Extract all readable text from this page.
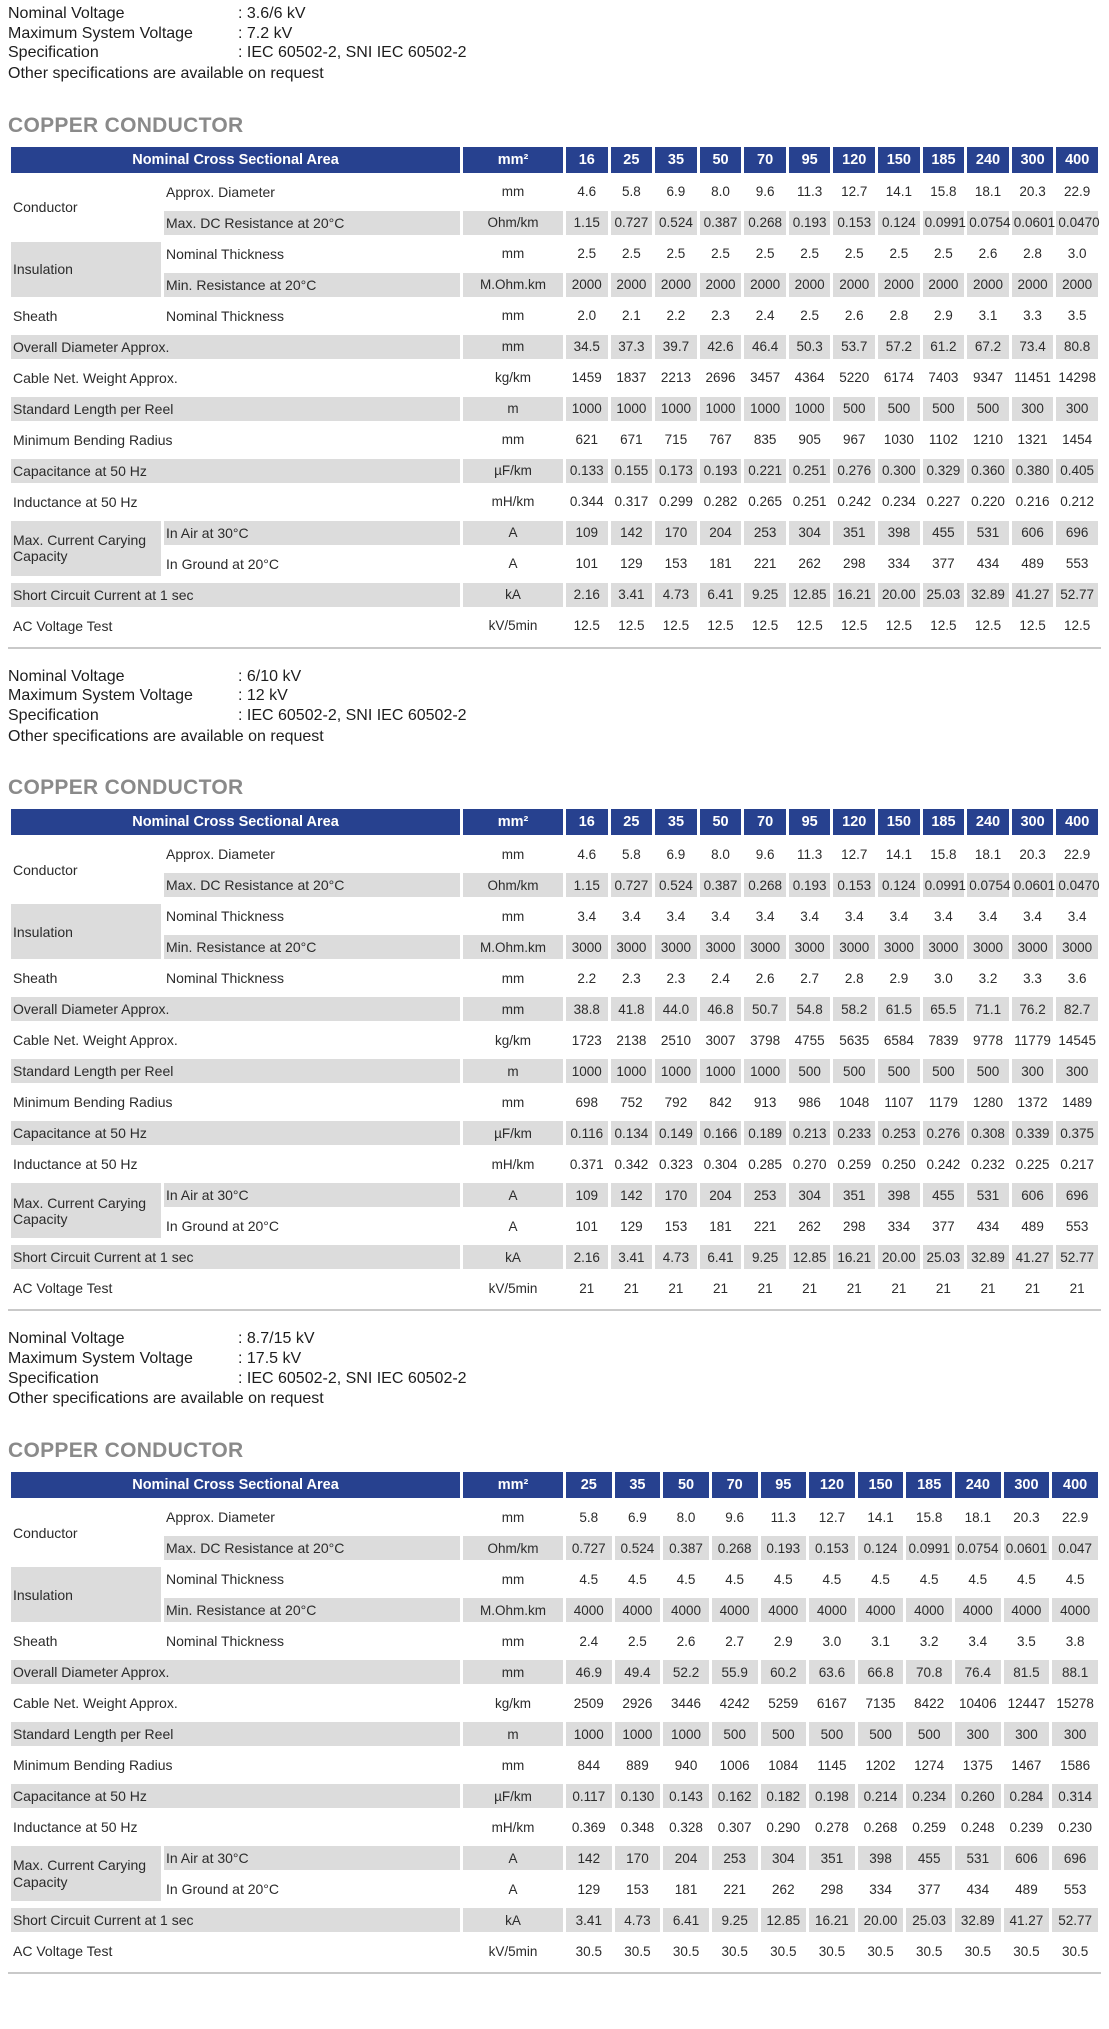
Nominal Voltage	: 3.6/6 kV
Maximum System Voltage	: 7.2 kV
Specification	: IEC 60502-2, SNI IEC 60502-2
Other specifications are available on request
COPPER CONDUCTOR
Nominal Cross Sectional Area		mm²	16	25	35	50	70	95	120	150	185	240	300	400
Conductor	Approx. Diameter	mm	4.6	5.8	6.9	8.0	9.6	11.3	12.7	14.1	15.8	18.1	20.3	22.9
	Max. DC Resistance at 20°C	Ohm/km	1.15	0.727	0.524	0.387	0.268	0.193	0.153	0.124	0.0991	0.0754	0.0601	0.0470
Insulation	Nominal Thickness	mm	2.5	2.5	2.5	2.5	2.5	2.5	2.5	2.5	2.5	2.6	2.8	3.0
	Min. Resistance at 20°C	M.Ohm.km	2000	2000	2000	2000	2000	2000	2000	2000	2000	2000	2000	2000
Sheath	Nominal Thickness	mm	2.0	2.1	2.2	2.3	2.4	2.5	2.6	2.8	2.9	3.1	3.3	3.5
Overall Diameter Approx.		mm	34.5	37.3	39.7	42.6	46.4	50.3	53.7	57.2	61.2	67.2	73.4	80.8
Cable Net. Weight Approx.		kg/km	1459	1837	2213	2696	3457	4364	5220	6174	7403	9347	11451	14298
Standard Length per Reel		m	1000	1000	1000	1000	1000	1000	500	500	500	500	300	300
Minimum Bending Radius		mm	621	671	715	767	835	905	967	1030	1102	1210	1321	1454
Capacitance at 50 Hz		µF/km	0.133	0.155	0.173	0.193	0.221	0.251	0.276	0.300	0.329	0.360	0.380	0.405
Inductance at 50 Hz		mH/km	0.344	0.317	0.299	0.282	0.265	0.251	0.242	0.234	0.227	0.220	0.216	0.212
Max. Current Carying Capacity	In Air at 30°C	A	109	142	170	204	253	304	351	398	455	531	606	696
	In Ground at 20°C	A	101	129	153	181	221	262	298	334	377	434	489	553
Short Circuit Current at 1 sec		kA	2.16	3.41	4.73	6.41	9.25	12.85	16.21	20.00	25.03	32.89	41.27	52.77
AC Voltage Test		kV/5min	12.5	12.5	12.5	12.5	12.5	12.5	12.5	12.5	12.5	12.5	12.5	12.5
Nominal Voltage	: 6/10 kV
Maximum System Voltage	: 12 kV
Specification	: IEC 60502-2, SNI IEC 60502-2
Other specifications are available on request
COPPER CONDUCTOR
Nominal Cross Sectional Area		mm²	16	25	35	50	70	95	120	150	185	240	300	400
Conductor	Approx. Diameter	mm	4.6	5.8	6.9	8.0	9.6	11.3	12.7	14.1	15.8	18.1	20.3	22.9
	Max. DC Resistance at 20°C	Ohm/km	1.15	0.727	0.524	0.387	0.268	0.193	0.153	0.124	0.0991	0.0754	0.0601	0.0470
Insulation	Nominal Thickness	mm	3.4	3.4	3.4	3.4	3.4	3.4	3.4	3.4	3.4	3.4	3.4	3.4
	Min. Resistance at 20°C	M.Ohm.km	3000	3000	3000	3000	3000	3000	3000	3000	3000	3000	3000	3000
Sheath	Nominal Thickness	mm	2.2	2.3	2.3	2.4	2.6	2.7	2.8	2.9	3.0	3.2	3.3	3.6
Overall Diameter Approx.		mm	38.8	41.8	44.0	46.8	50.7	54.8	58.2	61.5	65.5	71.1	76.2	82.7
Cable Net. Weight Approx.		kg/km	1723	2138	2510	3007	3798	4755	5635	6584	7839	9778	11779	14545
Standard Length per Reel		m	1000	1000	1000	1000	1000	500	500	500	500	500	300	300
Minimum Bending Radius		mm	698	752	792	842	913	986	1048	1107	1179	1280	1372	1489
Capacitance at 50 Hz		µF/km	0.116	0.134	0.149	0.166	0.189	0.213	0.233	0.253	0.276	0.308	0.339	0.375
Inductance at 50 Hz		mH/km	0.371	0.342	0.323	0.304	0.285	0.270	0.259	0.250	0.242	0.232	0.225	0.217
Max. Current Carying Capacity	In Air at 30°C	A	109	142	170	204	253	304	351	398	455	531	606	696
	In Ground at 20°C	A	101	129	153	181	221	262	298	334	377	434	489	553
Short Circuit Current at 1 sec		kA	2.16	3.41	4.73	6.41	9.25	12.85	16.21	20.00	25.03	32.89	41.27	52.77
AC Voltage Test		kV/5min	21	21	21	21	21	21	21	21	21	21	21	21
Nominal Voltage	: 8.7/15 kV
Maximum System Voltage	: 17.5 kV
Specification	: IEC 60502-2, SNI IEC 60502-2
Other specifications are available on request
COPPER CONDUCTOR
Nominal Cross Sectional Area		mm²	25	35	50	70	95	120	150	185	240	300	400
Conductor	Approx. Diameter	mm	5.8	6.9	8.0	9.6	11.3	12.7	14.1	15.8	18.1	20.3	22.9
	Max. DC Resistance at 20°C	Ohm/km	0.727	0.524	0.387	0.268	0.193	0.153	0.124	0.0991	0.0754	0.0601	0.047
Insulation	Nominal Thickness	mm	4.5	4.5	4.5	4.5	4.5	4.5	4.5	4.5	4.5	4.5	4.5
	Min. Resistance at 20°C	M.Ohm.km	4000	4000	4000	4000	4000	4000	4000	4000	4000	4000	4000
Sheath	Nominal Thickness	mm	2.4	2.5	2.6	2.7	2.9	3.0	3.1	3.2	3.4	3.5	3.8
Overall Diameter Approx.		mm	46.9	49.4	52.2	55.9	60.2	63.6	66.8	70.8	76.4	81.5	88.1
Cable Net. Weight Approx.		kg/km	2509	2926	3446	4242	5259	6167	7135	8422	10406	12447	15278
Standard Length per Reel		m	1000	1000	1000	500	500	500	500	500	300	300	300
Minimum Bending Radius		mm	844	889	940	1006	1084	1145	1202	1274	1375	1467	1586
Capacitance at 50 Hz		µF/km	0.117	0.130	0.143	0.162	0.182	0.198	0.214	0.234	0.260	0.284	0.314
Inductance at 50 Hz		mH/km	0.369	0.348	0.328	0.307	0.290	0.278	0.268	0.259	0.248	0.239	0.230
Max. Current Carying Capacity	In Air at 30°C	A	142	170	204	253	304	351	398	455	531	606	696
	In Ground at 20°C	A	129	153	181	221	262	298	334	377	434	489	553
Short Circuit Current at 1 sec		kA	3.41	4.73	6.41	9.25	12.85	16.21	20.00	25.03	32.89	41.27	52.77
AC Voltage Test		kV/5min	30.5	30.5	30.5	30.5	30.5	30.5	30.5	30.5	30.5	30.5	30.5
